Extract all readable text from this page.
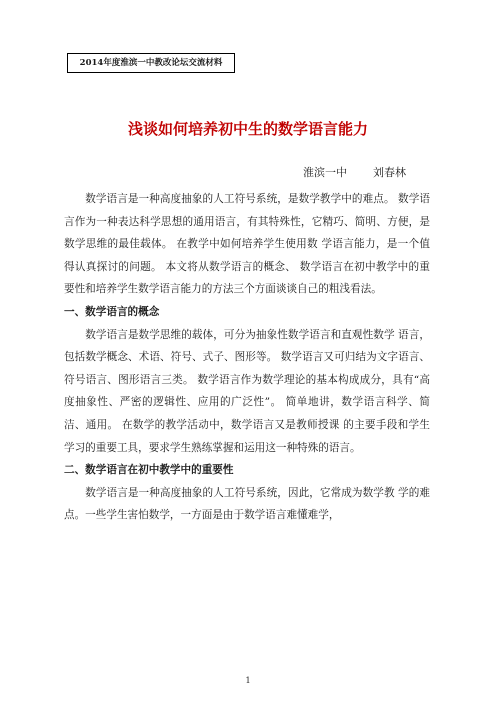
2014年度淮滨一中教改论坛交流材料
浅谈如何培养初中生的数学语言能力
淮滨一中 刘春林

数学语言是一种高度抽象的人工符号系统，是数学教学中的难点。 数学语言作为一种表达科学思想的通用语言，有其特殊性，它精巧、简明、方便，是数学思维的最佳载体。 在教学中如何培养学生使用数 学语言能力，是一个值得认真探讨的问题。 本文将从数学语言的概念、 数学语言在初中教学中的重要性和培养学生数学语言能力的方法三个方面谈谈自己的粗浅看法。

一、数学语言的概念

数学语言是数学思维的载体，可分为抽象性数学语言和直观性数学 语言，包括数学概念、术语、符号、式子、图形等。 数学语言又可归结为文字语言、符号语言、图形语言三类。 数学语言作为数学理论的基本构成成分，具有“高度抽象性、严密的逻辑性、应用的广泛性”。 简单地讲，数学语言科学、简洁、通用。 在数学的教学活动中，数学语言又是教师授课 的主要手段和学生学习的重要工具，要求学生熟练掌握和运用这一种特殊的语言。

二、数学语言在初中教学中的重要性

数学语言是一种高度抽象的人工符号系统，因此，它常成为数学教 学的难点。一些学生害怕数学，一方面是由于数学语言难懂难学，

1
